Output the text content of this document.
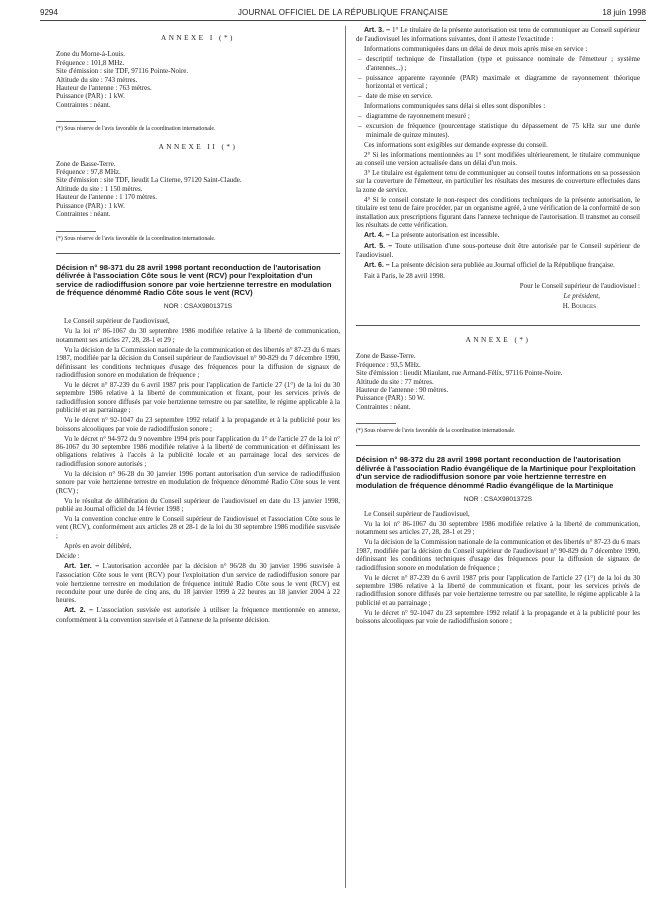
9294	JOURNAL OFFICIEL DE LA RÉPUBLIQUE FRANÇAISE	18 juin 1998
ANNEXE I (*)

Zone du Morne-à-Louis.

Fréquence : 101,8 MHz.

Site d'émission : site TDF, 97116 Pointe-Noire.

Altitude du site : 743 mètres.

Hauteur de l'antenne : 763 mètres.

Puissance (PAR) : 1 kW.

Contraintes : néant.

(*) Sous réserve de l'avis favorable de la coordination internationale.

ANNEXE II (*)

Zone de Basse-Terre.

Fréquence : 97,8 MHz.

Site d'émission : site TDF, lieudit La Citerne, 97120 Saint-Claude.

Altitude du site : 1 150 mètres.

Hauteur de l'antenne : 1 170 mètres.

Puissance (PAR) : 1 kW.

Contraintes : néant.

(*) Sous réserve de l'avis favorable de la coordination internationale.

Décision n° 98-371 du 28 avril 1998 portant reconduction de l'autorisation délivrée à l'association Côte sous le vent (RCV) pour l'exploitation d'un service de radiodiffusion sonore par voie hertzienne terrestre en modulation de fréquence dénommé Radio Côte sous le vent (RCV)
NOR : CSAX9801371S

Le Conseil supérieur de l'audiovisuel,

Vu la loi n° 86-1067 du 30 septembre 1986 modifiée relative à la liberté de communication, notamment ses articles 27, 28, 28-1 et 29 ;

Vu la décision de la Commission nationale de la communication et des libertés n° 87-23 du 6 mars 1987, modifiée par la décision du Conseil supérieur de l'audiovisuel n° 90-829 du 7 décembre 1990, définissant les conditions techniques d'usage des fréquences pour la diffusion de signaux de radiodiffusion sonore en modulation de fréquence ;

Vu le décret n° 87-239 du 6 avril 1987 pris pour l'application de l'article 27 (1°) de la loi du 30 septembre 1986 relative à la liberté de communication et fixant, pour les services privés de radiodiffusion sonore diffusés par voie hertzienne terrestre ou par satellite, le régime applicable à la publicité et au parrainage ;

Vu le décret n° 92-1047 du 23 septembre 1992 relatif à la propagande et à la publicité pour les boissons alcooliques par voie de radiodiffusion sonore ;

Vu le décret n° 94-972 du 9 novembre 1994 pris pour l'application du 1° de l'article 27 de la loi n° 86-1067 du 30 septembre 1986 modifiée relative à la liberté de communication et définissant les obligations relatives à l'accès à la publicité locale et au parrainage local des services de radiodiffusion sonore autorisés ;

Vu la décision n° 96-28 du 30 janvier 1996 portant autorisation d'un service de radiodiffusion sonore par voie hertzienne terrestre en modulation de fréquence dénommé Radio Côte sous le vent (RCV) ;

Vu le résultat de délibération du Conseil supérieur de l'audiovisuel en date du 13 janvier 1998, publié au Journal officiel du 14 février 1998 ;

Vu la convention conclue entre le Conseil supérieur de l'audiovisuel et l'association Côte sous le vent (RCV), conformément aux articles 28 et 28-1 de la loi du 30 septembre 1986 modifiée susvisée ;

Après en avoir délibéré,

Décide :

Art. 1er. – L'autorisation accordée par la décision n° 96/28 du 30 janvier 1996 susvisée à l'association Côte sous le vent (RCV) pour l'exploitation d'un service de radiodiffusion sonore par voie hertzienne terrestre en modulation de fréquence intitulé Radio Côte sous le vent (RCV) est reconduite pour une durée de cinq ans, du 18 janvier 1999 à 22 heures au 18 janvier 2004 à 22 heures.

Art. 2. – L'association susvisée est autorisée à utiliser la fréquence mentionnée en annexe, conformément à la convention susvisée et à l'annexe de la présente décision.

Art. 3. – 1° Le titulaire de la présente autorisation est tenu de communiquer au Conseil supérieur de l'audiovisuel les informations suivantes, dont il atteste l'exactitude :

Informations communiquées dans un délai de deux mois après mise en service :

– descriptif technique de l'installation (type et puissance nominale de l'émetteur ; système d'antennes...) ;

– puissance apparente rayonnée (PAR) maximale et diagramme de rayonnement théorique horizontal et vertical ;

– date de mise en service.

Informations communiquées sans délai si elles sont disponibles :

– diagramme de rayonnement mesuré ;

– excursion de fréquence (pourcentage statistique du dépassement de 75 kHz sur une durée minimale de quinze minutes).

Ces informations sont exigibles sur demande expresse du conseil.

2° Si les informations mentionnées au 1° sont modifiées ultérieurement, le titulaire communique au conseil une version actualisée dans un délai d'un mois.

3° Le titulaire est également tenu de communiquer au conseil toutes informations en sa possession sur la couverture de l'émetteur, en particulier les résultats des mesures de couverture effectuées dans la zone de service.

4° Si le conseil constate le non-respect des conditions techniques de la présente autorisation, le titulaire est tenu de faire procéder, par un organisme agréé, à une vérification de la conformité de son installation aux prescriptions figurant dans l'annexe technique de l'autorisation. Il transmet au conseil les résultats de cette vérification.

Art. 4. – La présente autorisation est incessible.

Art. 5. – Toute utilisation d'une sous-porteuse doit être autorisée par le Conseil supérieur de l'audiovisuel.

Art. 6. – La présente décision sera publiée au Journal officiel de la République française.

Fait à Paris, le 28 avril 1998.

Pour le Conseil supérieur de l'audiovisuel :

Le président,

H. Bourges

ANNEXE (*)

Zone de Basse-Terre.

Fréquence : 93,5 MHz.

Site d'émission : lieudit Miaulant, rue Armand-Félix, 97116 Pointe-Noire.

Altitude du site : 77 mètres.

Hauteur de l'antenne : 90 mètres.

Puissance (PAR) : 50 W.

Contraintes : néant.

(*) Sous réserve de l'avis favorable de la coordination internationale.

Décision n° 98-372 du 28 avril 1998 portant reconduction de l'autorisation délivrée à l'association Radio évangélique de la Martinique pour l'exploitation d'un service de radiodiffusion sonore par voie hertzienne terrestre en modulation de fréquence dénommé Radio évangélique de la Martinique
NOR : CSAX9801372S

Le Conseil supérieur de l'audiovisuel,

Vu la loi n° 86-1067 du 30 septembre 1986 modifiée relative à la liberté de communication, notamment ses articles 27, 28, 28-1 et 29 ;

Vu la décision de la Commission nationale de la communication et des libertés n° 87-23 du 6 mars 1987, modifiée par la décision du Conseil supérieur de l'audiovisuel n° 90-829 du 7 décembre 1990, définissant les conditions techniques d'usage des fréquences pour la diffusion de signaux de radiodiffusion sonore en modulation de fréquence ;

Vu le décret n° 87-239 du 6 avril 1987 pris pour l'application de l'article 27 (1°) de la loi du 30 septembre 1986 relative à la liberté de communication et fixant, pour les services privés de radiodiffusion sonore diffusés par voie hertzienne terrestre ou par satellite, le régime applicable à la publicité et au parrainage ;

Vu le décret n° 92-1047 du 23 septembre 1992 relatif à la propagande et à la publicité pour les boissons alcooliques par voie de radiodiffusion sonore ;
